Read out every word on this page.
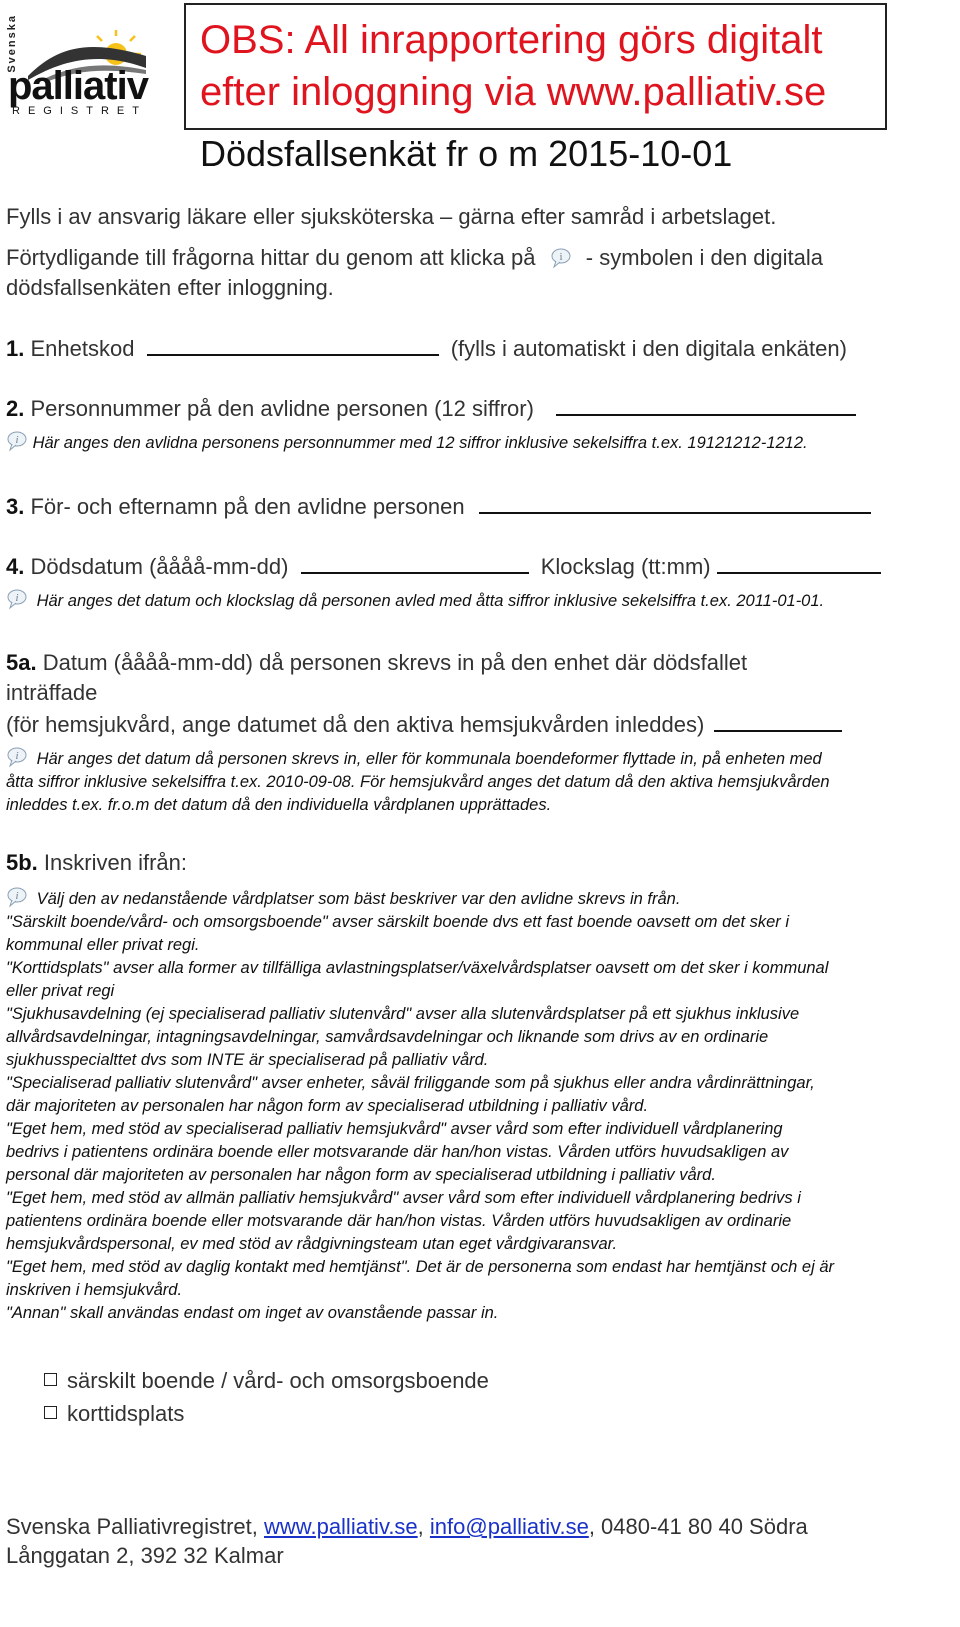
Svenska
palliativ
REGISTRET
OBS: All inrapportering görs digitalt
efter inloggning via www.palliativ.se
Dödsfallsenkät fr o m 2015-10-01
Fylls i av ansvarig läkare eller sjuksköterska – gärna efter samråd i arbetslaget.
Förtydligande till frågorna hittar du genom att klicka på i - symbolen i den digitala
dödsfallsenkäten efter inloggning.
1. Enhetskod	(fylls i automatiskt i den digitala enkäten)
2. Personnummer på den avlidne personen (12 siffror)
i Här anges den avlidna personens personnummer med 12 siffror inklusive sekelsiffra t.ex. 19121212-1212.
3. För- och efternamn på den avlidne personen
4. Dödsdatum (åååå-mm-dd)	Klockslag (tt:mm)
i Här anges det datum och klockslag då personen avled med åtta siffror inklusive sekelsiffra t.ex. 2011-01-01.
5a. Datum (åååå-mm-dd) då personen skrevs in på den enhet där dödsfallet
inträffade
(för hemsjukvård, ange datumet då den aktiva hemsjukvården inleddes)
i Här anges det datum då personen skrevs in, eller för kommunala boendeformer flyttade in, på enheten med
åtta siffror inklusive sekelsiffra t.ex. 2010-09-08. För hemsjukvård anges det datum då den aktiva hemsjukvården
inleddes t.ex. fr.o.m det datum då den individuella vårdplanen upprättades.
5b. Inskriven ifrån:
i Välj den av nedanstående vårdplatser som bäst beskriver var den avlidne skrevs in från.
"Särskilt boende/vård- och omsorgsboende" avser särskilt boende dvs ett fast boende oavsett om det sker i
kommunal eller privat regi.
"Korttidsplats" avser alla former av tillfälliga avlastningsplatser/växelvårdsplatser oavsett om det sker i kommunal
eller privat regi
"Sjukhusavdelning (ej specialiserad palliativ slutenvård" avser alla slutenvårdsplatser på ett sjukhus inklusive
allvårdsavdelningar, intagningsavdelningar, samvårdsavdelningar och liknande som drivs av en ordinarie
sjukhusspecialttet dvs som INTE är specialiserad på palliativ vård.
"Specialiserad palliativ slutenvård" avser enheter, såväl friliggande som på sjukhus eller andra vårdinrättningar,
där majoriteten av personalen har någon form av specialiserad utbildning i palliativ vård.
"Eget hem, med stöd av specialiserad palliativ hemsjukvård" avser vård som efter individuell vårdplanering
bedrivs i patientens ordinära boende eller motsvarande där han/hon vistas. Vården utförs huvudsakligen av
personal där majoriteten av personalen har någon form av specialiserad utbildning i palliativ vård.
"Eget hem, med stöd av allmän palliativ hemsjukvård" avser vård som efter individuell vårdplanering bedrivs i
patientens ordinära boende eller motsvarande där han/hon vistas. Vården utförs huvudsakligen av ordinarie
hemsjukvårdspersonal, ev med stöd av rådgivningsteam utan eget vårdgivaransvar.
"Eget hem, med stöd av daglig kontakt med hemtjänst". Det är de personerna som endast har hemtjänst och ej är
inskriven i hemsjukvård.
"Annan" skall användas endast om inget av ovanstående passar in.
särskilt boende / vård- och omsorgsboende
korttidsplats
Svenska Palliativregistret, www.palliativ.se, info@palliativ.se, 0480-41 80 40 Södra
Långgatan 2, 392 32 Kalmar
